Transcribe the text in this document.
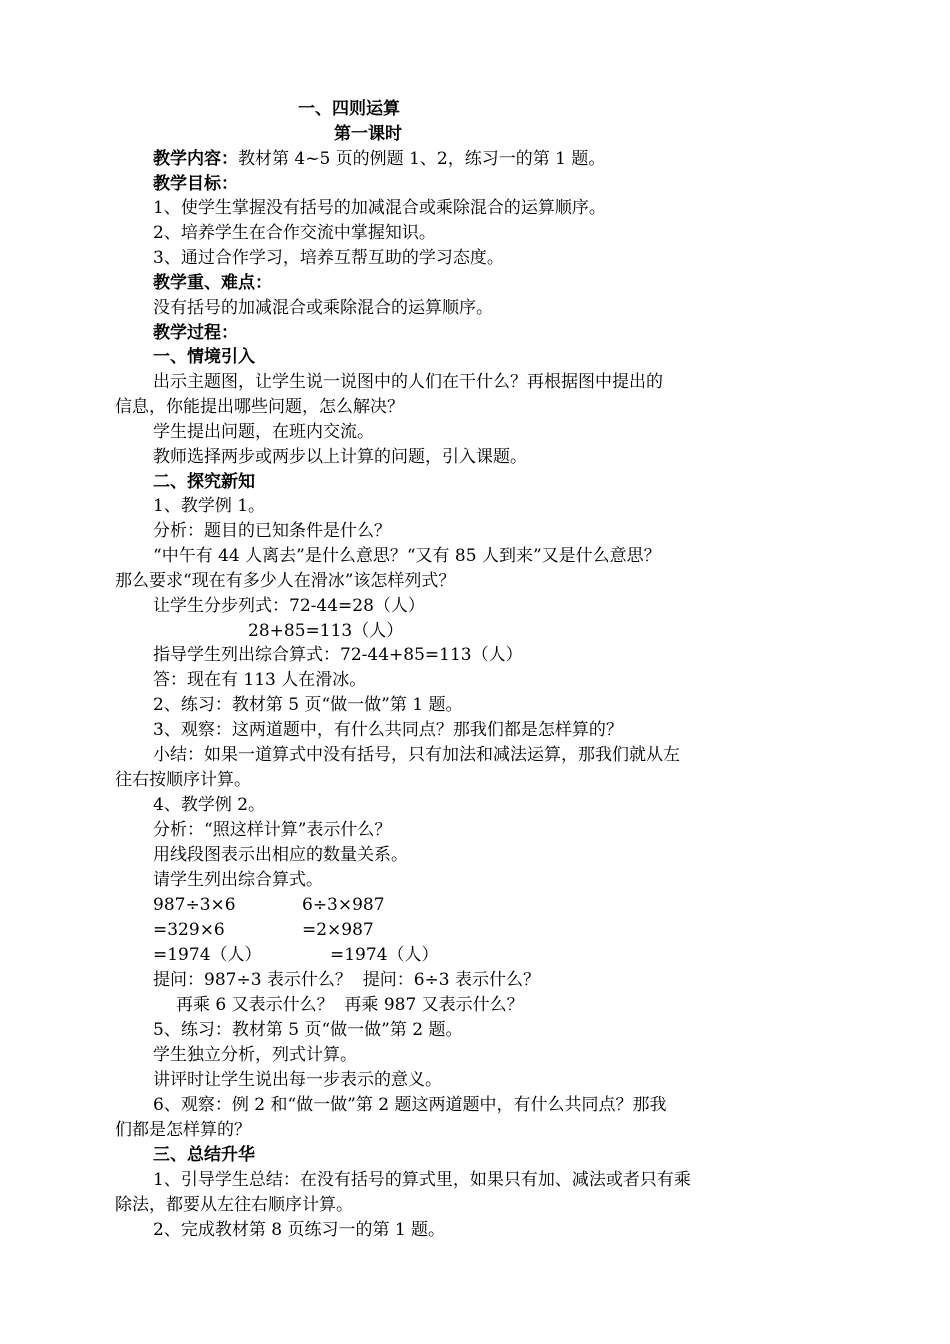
一、四则运算
第一课时
教学内容：教材第 4~5 页的例题 1、2，练习一的第 1 题。
教学目标：
1、使学生掌握没有括号的加减混合或乘除混合的运算顺序。
2、培养学生在合作交流中掌握知识。
3、通过合作学习，培养互帮互助的学习态度。
教学重、难点：
没有括号的加减混合或乘除混合的运算顺序。
教学过程：
一、情境引入
出示主题图，让学生说一说图中的人们在干什么？再根据图中提出的
信息，你能提出哪些问题，怎么解决？
学生提出问题，在班内交流。
教师选择两步或两步以上计算的问题，引入课题。
二、探究新知
1、教学例 1。
分析：题目的已知条件是什么？
“中午有 44 人离去”是什么意思？“又有 85 人到来”又是什么意思？
那么要求“现在有多少人在滑冰”该怎样列式？
让学生分步列式：72-44=28（人）
28+85=113（人）
指导学生列出综合算式：72-44+85=113（人）
答：现在有 113 人在滑冰。
2、练习：教材第 5 页“做一做”第 1 题。
3、观察：这两道题中，有什么共同点？那我们都是怎样算的？
小结：如果一道算式中没有括号，只有加法和减法运算，那我们就从左
往右按顺序计算。
4、教学例 2。
分析：“照这样计算”表示什么？
用线段图表示出相应的数量关系。
请学生列出综合算式。
987÷3×6
=329×6
=1974（人）
6÷3×987
=2×987
=1974（人）
提问：987÷3 表示什么？  提问：6÷3 表示什么？
再乘 6 又表示什么？  再乘 987 又表示什么？
5、练习：教材第 5 页“做一做”第 2 题。
学生独立分析，列式计算。
讲评时让学生说出每一步表示的意义。
6、观察：例 2 和“做一做”第 2 题这两道题中，有什么共同点？那我
们都是怎样算的？
三、总结升华
1、引导学生总结：在没有括号的算式里，如果只有加、减法或者只有乘
除法，都要从左往右顺序计算。
2、完成教材第 8 页练习一的第 1 题。
